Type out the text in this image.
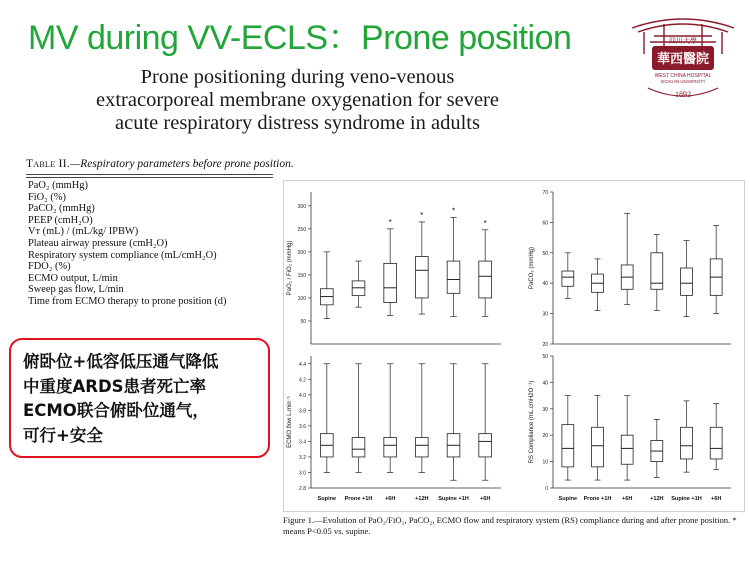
MV during VV-ECLS：Prone position	四川大學
華西醫院
WEST CHINA HOSPITAL
SICHUAN UNIVERSITY
1892
Prone positioning during veno-venous
extracorporeal membrane oxygenation for severe
acute respiratory distress syndrome in adults
Table II.—Respiratory parameters before prone position.
PaO₂ (mmHg)
FiO₂ (%)
PaCO₂ (mmHg)
PEEP (cmH₂O)
Vᴛ (mL) / (mL/kg/ IPBW)
Plateau airway pressure (cmH₂O)
Respiratory system compliance (mL/cmH₂O)
FDO₂ (%)
ECMO output, L/min
Sweep gas flow, L/min
Time from ECMO therapy to prone position (d)
俯卧位+低容低压通气降低
中重度ARDS患者死亡率
ECMO联合俯卧位通气，
可行+安全
50
100
150
200
250
300
PaO₂ / FiO₂ (mmHg)
*
*
*
*
20
30
40
50
60
70
PaCO₂ (mmHg)
2.8
3.0
3.2
3.4
3.6
3.8
4.0
4.2
4.4
ECMO flow L.min⁻¹
0
10
20
30
40
50
RS Compliance (mL.cmH2O⁻¹)
Supine Prone +1H +6H	+12H Supine +1H +6H	Supine Prone +1H +6H	+12H Supine +1H +6H
Figure 1.—Evolution of PaO₂/FiO₂, PaCO₂, ECMO flow and respiratory system (RS) compliance during and after prone position. * means P<0.05 vs. supine.
